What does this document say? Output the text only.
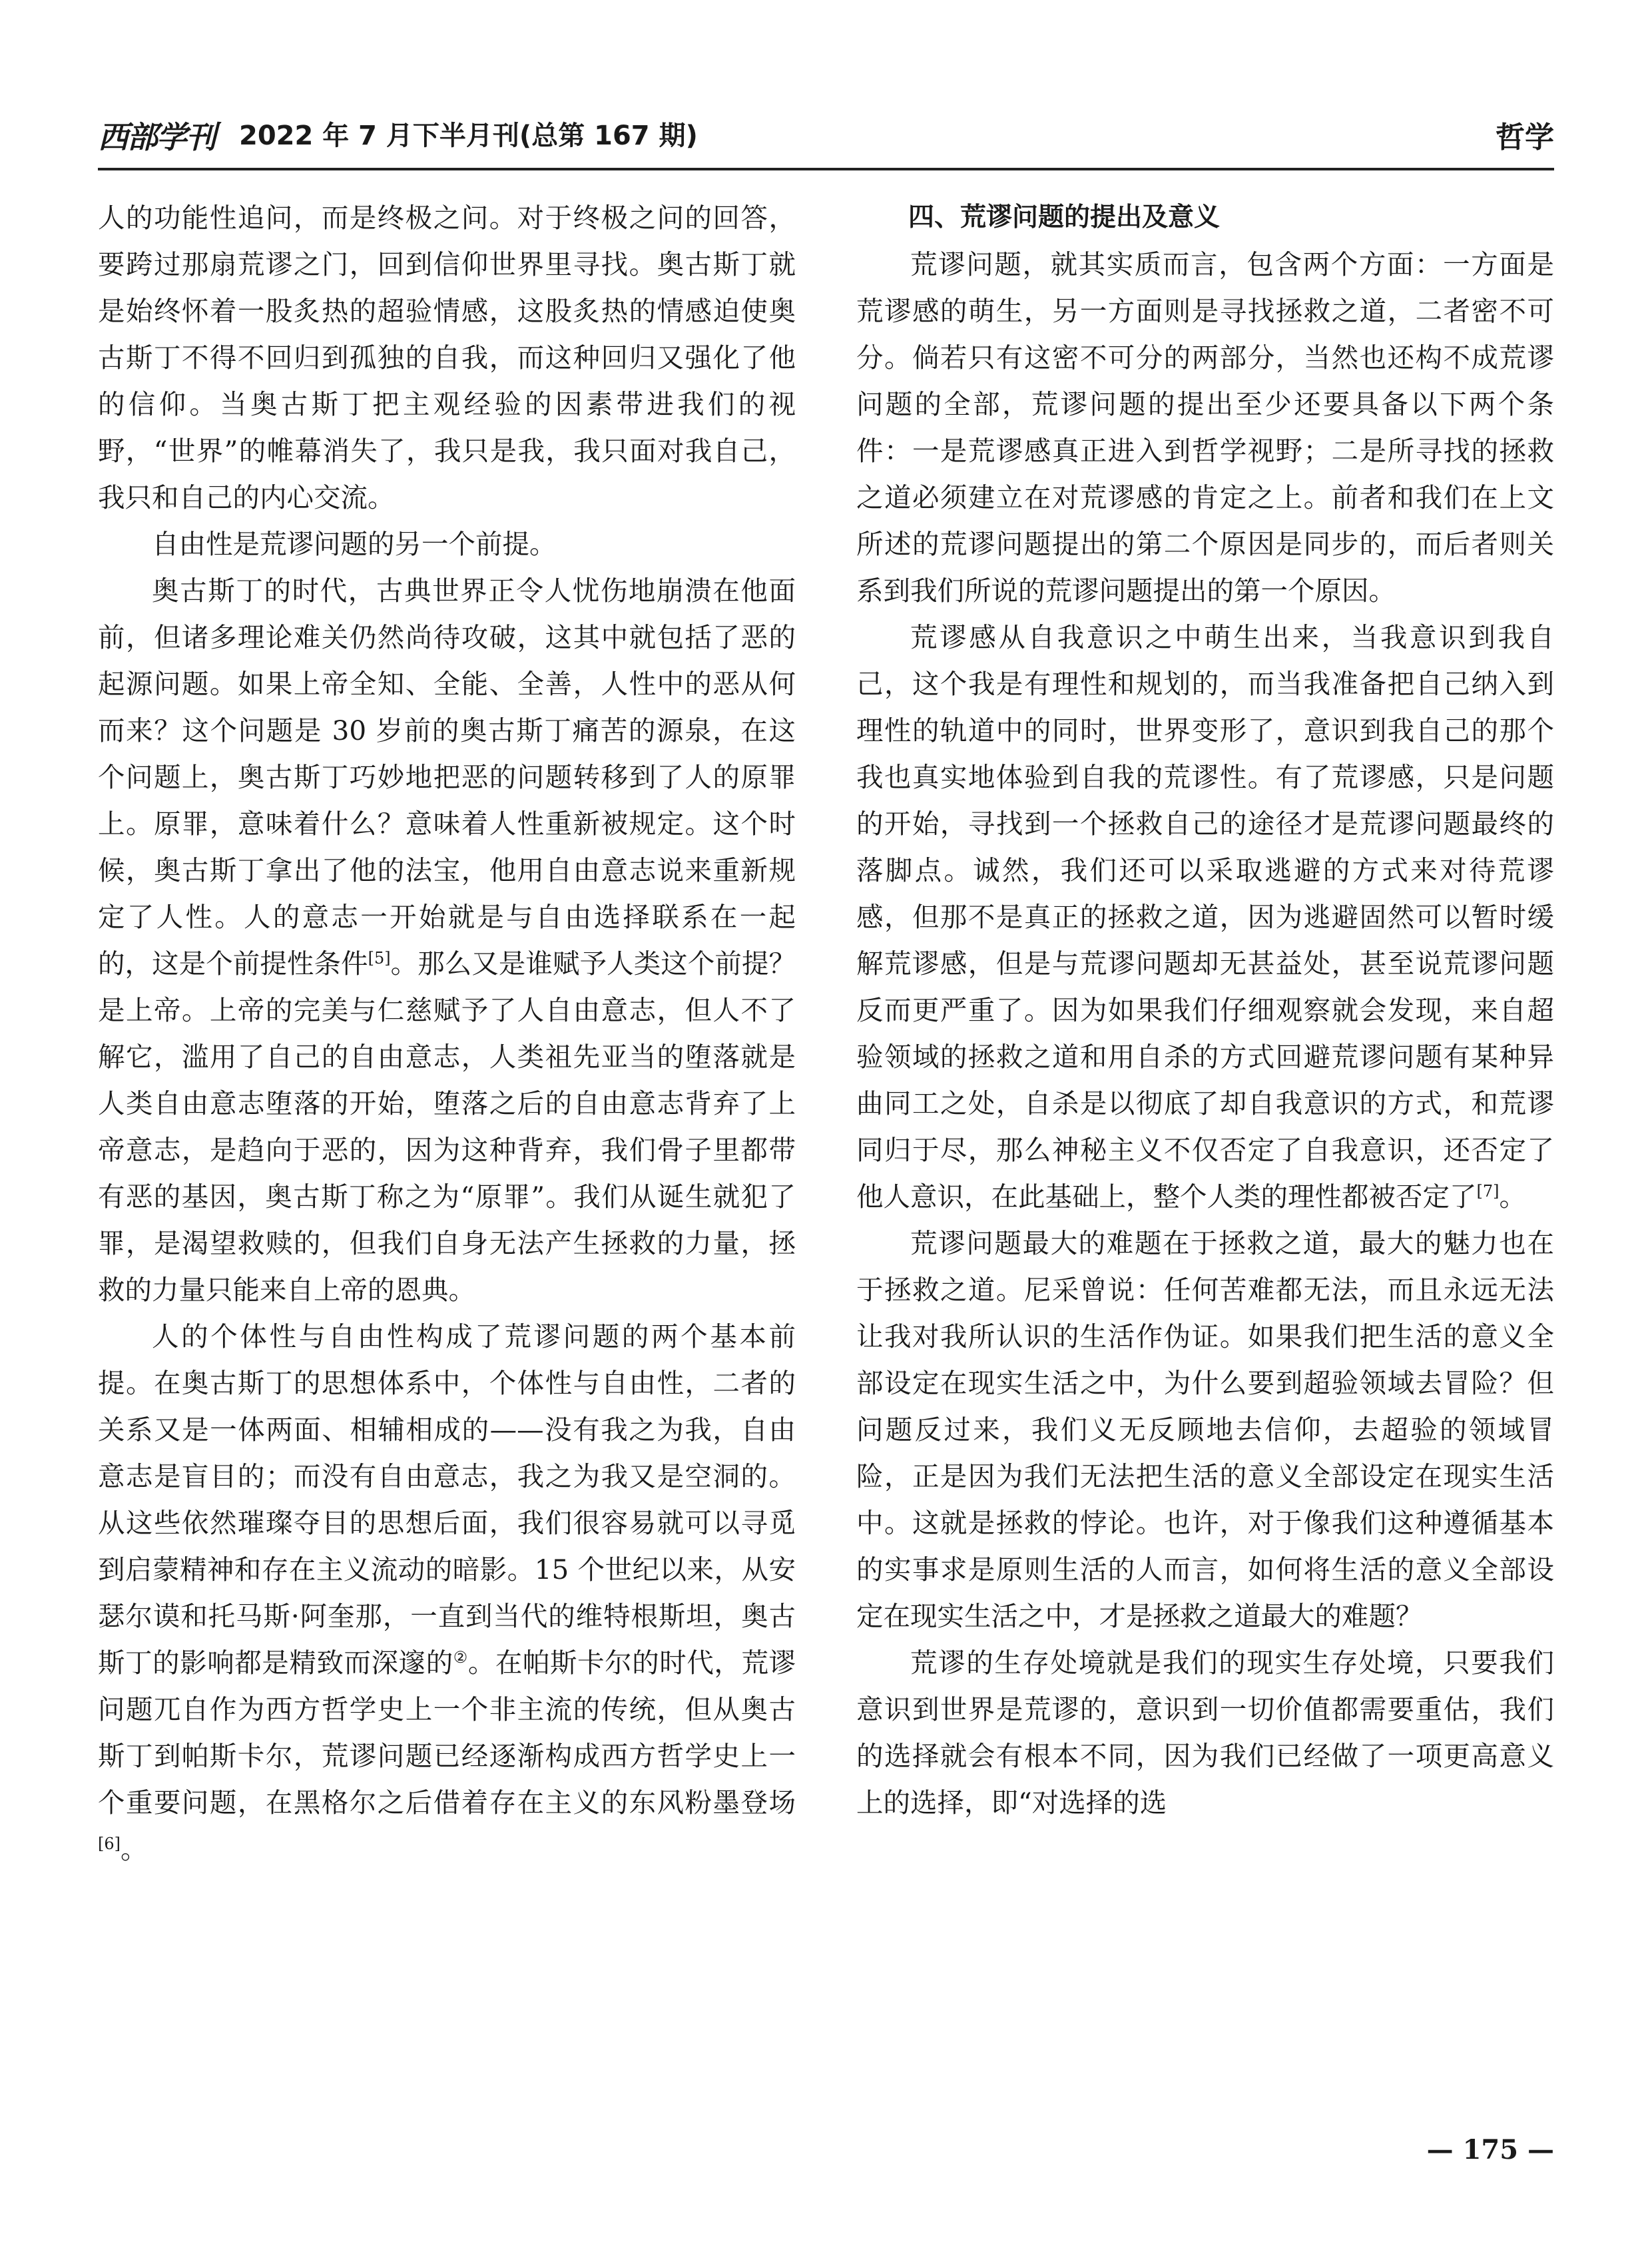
西部学刊 2022 年 7 月下半月刊(总第 167 期)	哲学

人的功能性追问，而是终极之问。对于终极之问的回答，要跨过那扇荒谬之门，回到信仰世界里寻找。奥古斯丁就是始终怀着一股炙热的超验情感，这股炙热的情感迫使奥古斯丁不得不回归到孤独的自我，而这种回归又强化了他的信仰。当奥古斯丁把主观经验的因素带进我们的视野，“世界”的帷幕消失了，我只是我，我只面对我自己，我只和自己的内心交流。

自由性是荒谬问题的另一个前提。

奥古斯丁的时代，古典世界正令人忧伤地崩溃在他面前，但诸多理论难关仍然尚待攻破，这其中就包括了恶的起源问题。如果上帝全知、全能、全善，人性中的恶从何而来？这个问题是 30 岁前的奥古斯丁痛苦的源泉，在这个问题上，奥古斯丁巧妙地把恶的问题转移到了人的原罪上。原罪，意味着什么？意味着人性重新被规定。这个时候，奥古斯丁拿出了他的法宝，他用自由意志说来重新规定了人性。人的意志一开始就是与自由选择联系在一起的，这是个前提性条件[5]。那么又是谁赋予人类这个前提？是上帝。上帝的完美与仁慈赋予了人自由意志，但人不了解它，滥用了自己的自由意志，人类祖先亚当的堕落就是人类自由意志堕落的开始，堕落之后的自由意志背弃了上帝意志，是趋向于恶的，因为这种背弃，我们骨子里都带有恶的基因，奥古斯丁称之为“原罪”。我们从诞生就犯了罪，是渴望救赎的，但我们自身无法产生拯救的力量，拯救的力量只能来自上帝的恩典。

人的个体性与自由性构成了荒谬问题的两个基本前提。在奥古斯丁的思想体系中，个体性与自由性，二者的关系又是一体两面、相辅相成的——没有我之为我，自由意志是盲目的；而没有自由意志，我之为我又是空洞的。从这些依然璀璨夺目的思想后面，我们很容易就可以寻觅到启蒙精神和存在主义流动的暗影。15 个世纪以来，从安瑟尔谟和托马斯·阿奎那，一直到当代的维特根斯坦，奥古斯丁的影响都是精致而深邃的②。在帕斯卡尔的时代，荒谬问题兀自作为西方哲学史上一个非主流的传统，但从奥古斯丁到帕斯卡尔，荒谬问题已经逐渐构成西方哲学史上一个重要问题，在黑格尔之后借着存在主义的东风粉墨登场[6]。

四、荒谬问题的提出及意义

荒谬问题，就其实质而言，包含两个方面：一方面是荒谬感的萌生，另一方面则是寻找拯救之道，二者密不可分。倘若只有这密不可分的两部分，当然也还构不成荒谬问题的全部，荒谬问题的提出至少还要具备以下两个条件：一是荒谬感真正进入到哲学视野；二是所寻找的拯救之道必须建立在对荒谬感的肯定之上。前者和我们在上文所述的荒谬问题提出的第二个原因是同步的，而后者则关系到我们所说的荒谬问题提出的第一个原因。

荒谬感从自我意识之中萌生出来，当我意识到我自己，这个我是有理性和规划的，而当我准备把自己纳入到理性的轨道中的同时，世界变形了，意识到我自己的那个我也真实地体验到自我的荒谬性。有了荒谬感，只是问题的开始，寻找到一个拯救自己的途径才是荒谬问题最终的落脚点。诚然，我们还可以采取逃避的方式来对待荒谬感，但那不是真正的拯救之道，因为逃避固然可以暂时缓解荒谬感，但是与荒谬问题却无甚益处，甚至说荒谬问题反而更严重了。因为如果我们仔细观察就会发现，来自超验领域的拯救之道和用自杀的方式回避荒谬问题有某种异曲同工之处，自杀是以彻底了却自我意识的方式，和荒谬同归于尽，那么神秘主义不仅否定了自我意识，还否定了他人意识，在此基础上，整个人类的理性都被否定了[7]。

荒谬问题最大的难题在于拯救之道，最大的魅力也在于拯救之道。尼采曾说：任何苦难都无法，而且永远无法让我对我所认识的生活作伪证。如果我们把生活的意义全部设定在现实生活之中，为什么要到超验领域去冒险？但问题反过来，我们义无反顾地去信仰，去超验的领域冒险，正是因为我们无法把生活的意义全部设定在现实生活中。这就是拯救的悖论。也许，对于像我们这种遵循基本的实事求是原则生活的人而言，如何将生活的意义全部设定在现实生活之中，才是拯救之道最大的难题？

荒谬的生存处境就是我们的现实生存处境，只要我们意识到世界是荒谬的，意识到一切价值都需要重估，我们的选择就会有根本不同，因为我们已经做了一项更高意义上的选择，即“对选择的选

— 175 —
